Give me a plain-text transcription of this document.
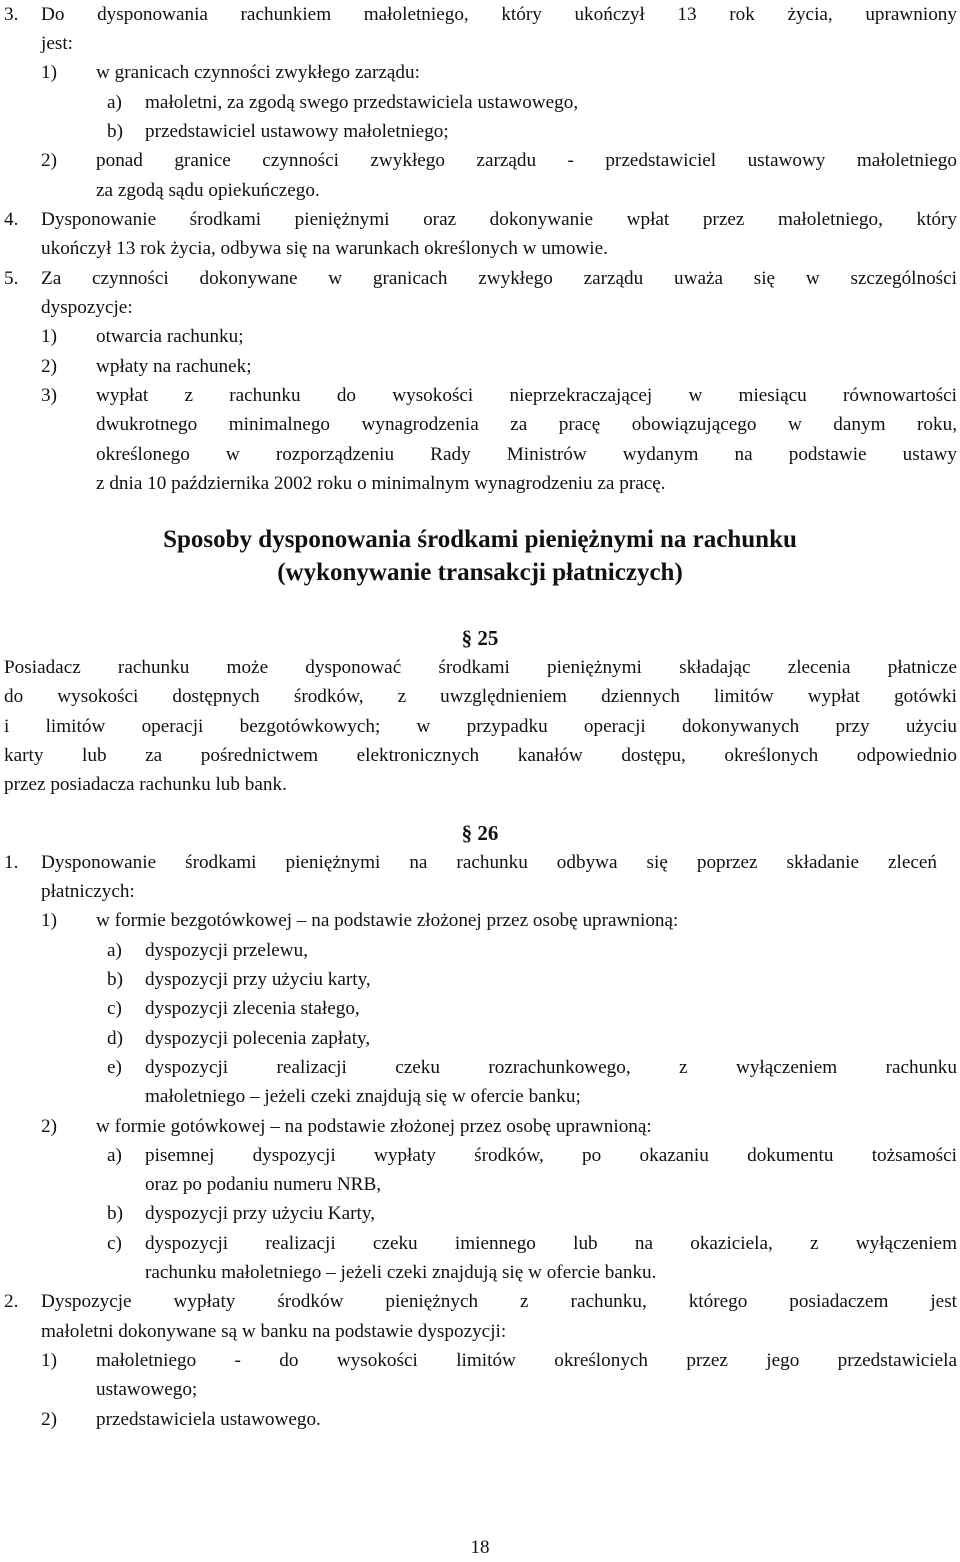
3. Do dysponowania rachunkiem małoletniego, który ukończył 13 rok życia, uprawniony
jest:
1) w granicach czynności zwykłego zarządu:
a) małoletni, za zgodą swego przedstawiciela ustawowego,
b) przedstawiciel ustawowy małoletniego;
2) ponad granice czynności zwykłego zarządu - przedstawiciel ustawowy małoletniego
za zgodą sądu opiekuńczego.
4. Dysponowanie środkami pieniężnymi oraz dokonywanie wpłat przez małoletniego, który
ukończył 13 rok życia, odbywa się na warunkach określonych w umowie.
5. Za czynności dokonywane w granicach zwykłego zarządu uważa się w szczególności
dyspozycje:
1) otwarcia rachunku;
2) wpłaty na rachunek;
3) wypłat z rachunku do wysokości nieprzekraczającej w miesiącu równowartości
dwukrotnego minimalnego wynagrodzenia za pracę obowiązującego w danym roku,
określonego w rozporządzeniu Rady Ministrów wydanym na podstawie ustawy
z dnia 10 października 2002 roku o minimalnym wynagrodzeniu za pracę.
Sposoby dysponowania środkami pieniężnymi na rachunku
(wykonywanie transakcji płatniczych)
§ 25
Posiadacz rachunku może dysponować środkami pieniężnymi składając zlecenia płatnicze
do wysokości dostępnych środków, z uwzględnieniem dziennych limitów wypłat gotówki
i limitów operacji bezgotówkowych; w przypadku operacji dokonywanych przy użyciu
karty lub za pośrednictwem elektronicznych kanałów dostępu, określonych odpowiednio
przez posiadacza rachunku lub bank.
§ 26
1. Dysponowanie środkami pieniężnymi na rachunku odbywa się poprzez składanie zleceń
płatniczych:
1) w formie bezgotówkowej – na podstawie złożonej przez osobę uprawnioną:
a) dyspozycji przelewu,
b) dyspozycji przy użyciu karty,
c) dyspozycji zlecenia stałego,
d) dyspozycji polecenia zapłaty,
e) dyspozycji realizacji czeku rozrachunkowego, z wyłączeniem rachunku
małoletniego – jeżeli czeki znajdują się w ofercie banku;
2) w formie gotówkowej – na podstawie złożonej przez osobę uprawnioną:
a) pisemnej dyspozycji wypłaty środków, po okazaniu dokumentu tożsamości
oraz po podaniu numeru NRB,
b) dyspozycji przy użyciu Karty,
c) dyspozycji realizacji czeku imiennego lub na okaziciela, z wyłączeniem
rachunku małoletniego – jeżeli czeki znajdują się w ofercie banku.
2. Dyspozycje wypłaty środków pieniężnych z rachunku, którego posiadaczem jest
małoletni dokonywane są w banku na podstawie dyspozycji:
1) małoletniego - do wysokości limitów określonych przez jego przedstawiciela
ustawowego;
2) przedstawiciela ustawowego.
18
